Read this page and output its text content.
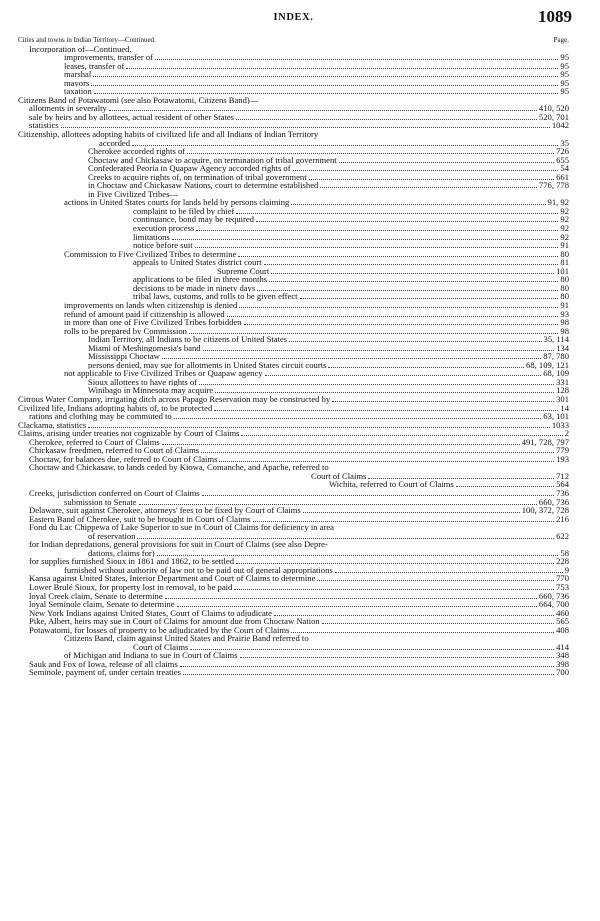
INDEX.	1089
Cities and towns in Indian Territory—Continued.	Page.
Incorporation of—Continued.
improvements, transfer of	95
leases, transfer of	95
marshal	95
mayors	95
taxation	95
Citizens Band of Potawatomi (see also Potawatomi, Citizens Band)—
allotments in severalty	410, 520
sale by heirs and by allottees, actual resident of other States	520, 701
statistics	1042
Citizenship, allottees adopting habits of civilized life and all Indians of Indian Territory
accorded	35
Cherokee accorded rights of	726
Choctaw and Chickasaw to acquire, on termination of tribal government	655
Confederated Peoria in Quapaw Agency accorded rights of	54
Creeks to acquire rights of, on termination of tribal government	661
in Choctaw and Chickasaw Nations, court to determine established	776, 778
in Five Civilized Tribes—
actions in United States courts for lands held by persons claiming	91, 92
complaint to be filed by chief	92
continuance, bond may be required	92
execution process	92
limitations	92
notice before suit	91
Commission to Five Civilized Tribes to determine	80
appeals to United States district court	81
Supreme Court	101
applications to be filed in three months	80
decisions to be made in ninety days	80
tribal laws, customs, and rolls to be given effect	80
improvements on lands when citizenship is denied	91
refund of amount paid if citizenship is allowed	93
in more than one of Five Civilized Tribes forbidden	98
rolls to be prepared by Commission	98
Indian Territory, all Indians to be citizens of United States	35, 114
Miami of Meshingomesia's band	134
Mississippi Choctaw	87, 780
persons denied, may sue for allotments in United States circuit courts	68, 109, 121
not applicable to Five Civilized Tribes or Quapaw agency	68, 109
Sioux allottees to have rights of	331
Winibago in Minnesota may acquire	128
Citrous Water Company, irrigating ditch across Papago Reservation may be constructed by	301
Civilized life, Indians adopting habits of, to be protected	14
rations and clothing may be commuted to	63, 101
Clackama, statistics	1033
Claims, arising under treaties not cognizable by Court of Claims	2
Cherokee, referred to Court of Claims	491, 728, 797
Chickasaw freedmen, referred to Court of Claims	779
Choctaw, for balances due, referred to Court of Claims	193
Choctaw and Chickasaw, to lands ceded by Kiowa, Comanche, and Apache, referred to
Court of Claims	712
Wichita, referred to Court of Claims	564
Creeks, jurisdiction conferred on Court of Claims	736
submission to Senate	660, 736
Delaware, suit against Cherokee, attorneys' fees to be fixed by Court of Claims	100, 372, 728
Eastern Band of Cherokee, suit to be brought in Court of Claims	216
Fond du Lac Chippewa of Lake Superior to sue in Court of Claims for deficiency in area
of reservation	622
for Indian depredations, general provisions for suit in Court of Claims (see also Depre-
dations, claims for)	58
for supplies furnished Sioux in 1861 and 1862, to be settled	228
furnished without authority of law not to be paid out of general appropriations	9
Kansa against United States, Interior Department and Court of Claims to determine	770
Lower Brulé Sioux, for property lost in removal, to be paid	753
loyal Creek claim, Senate to determine	660, 736
loyal Seminole claim, Senate to determine	664, 700
New York Indians against United States, Court of Claims to adjudicate	460
Pike, Albert, heirs may sue in Court of Claims for amount due from Choctaw Nation	565
Potawatomi, for losses of property to be adjudicated by the Court of Claims	408
Citizens Band, claim against United States and Prairie Band referred to
Court of Claims	414
of Michigan and Indiana to sue in Court of Claims	348
Sauk and Fox of Iowa, release of all claims	398
Seminole, payment of, under certain treaties	700
